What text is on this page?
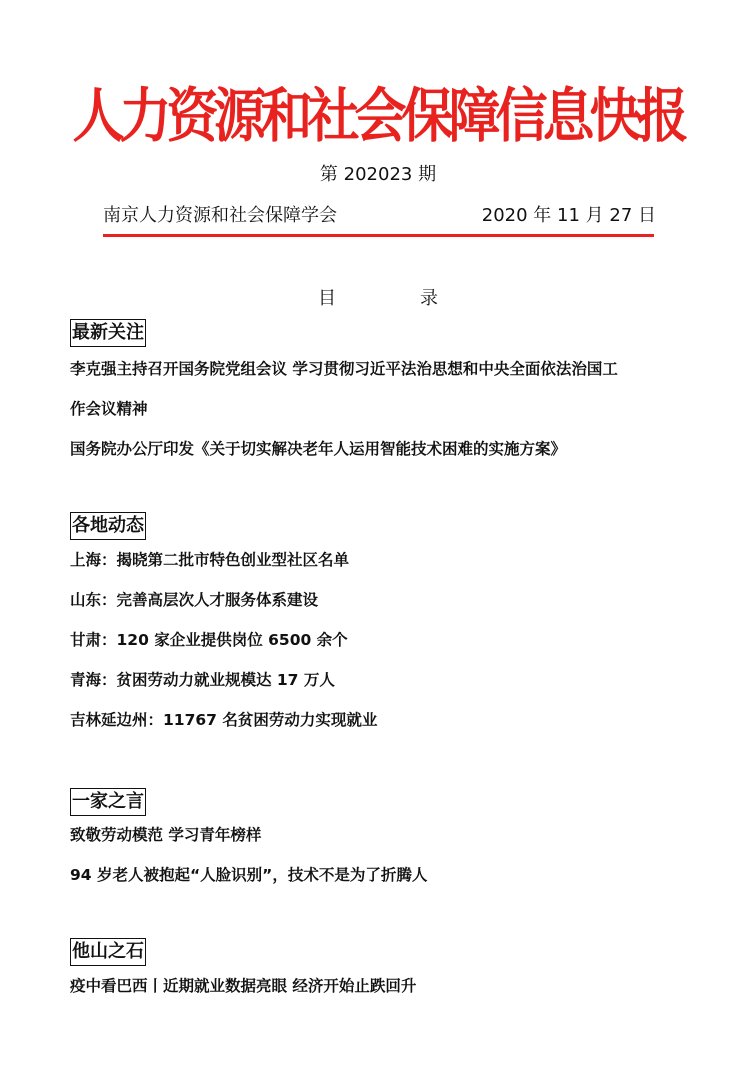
人力资源和社会保障信息快报
第 202023 期
南京人力资源和社会保障学会	2020 年 11 月 27 日
目	录
最新关注
李克强主持召开国务院党组会议 学习贯彻习近平法治思想和中央全面依法治国工
作会议精神
国务院办公厅印发《关于切实解决老年人运用智能技术困难的实施方案》
各地动态
上海：揭晓第二批市特色创业型社区名单
山东：完善高层次人才服务体系建设
甘肃：120 家企业提供岗位 6500 余个
青海：贫困劳动力就业规模达 17 万人
吉林延边州：11767 名贫困劳动力实现就业
一家之言
致敬劳动模范 学习青年榜样
94 岁老人被抱起“人脸识别”，技术不是为了折腾人
他山之石
疫中看巴西丨近期就业数据亮眼 经济开始止跌回升
